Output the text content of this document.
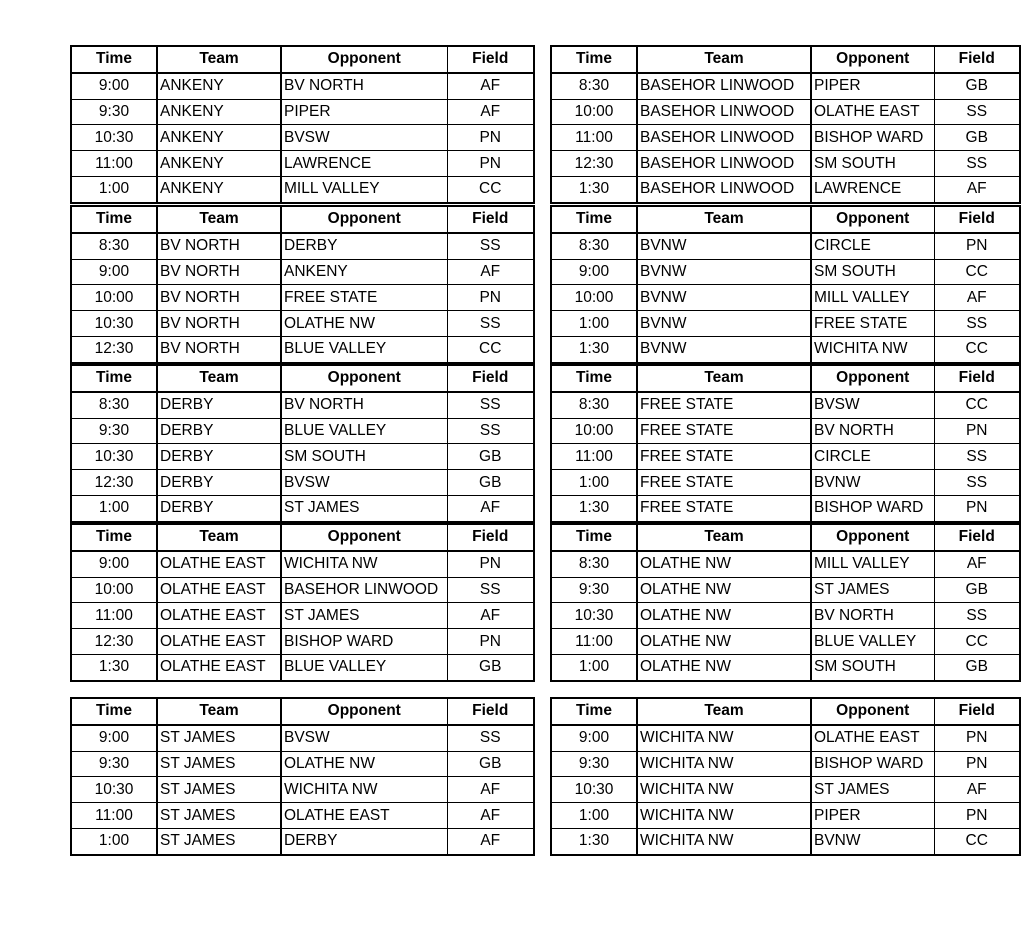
Time	Team	Opponent	Field
9:00	ANKENY	BV NORTH	AF
9:30	ANKENY	PIPER	AF
10:30	ANKENY	BVSW	PN
11:00	ANKENY	LAWRENCE	PN
1:00	ANKENY	MILL VALLEY	CC
Time	Team	Opponent	Field
8:30	BV NORTH	DERBY	SS
9:00	BV NORTH	ANKENY	AF
10:00	BV NORTH	FREE STATE	PN
10:30	BV NORTH	OLATHE NW	SS
12:30	BV NORTH	BLUE VALLEY	CC
Time	Team	Opponent	Field
8:30	DERBY	BV NORTH	SS
9:30	DERBY	BLUE VALLEY	SS
10:30	DERBY	SM SOUTH	GB
12:30	DERBY	BVSW	GB
1:00	DERBY	ST JAMES	AF
Time	Team	Opponent	Field
9:00	OLATHE EAST	WICHITA NW	PN
10:00	OLATHE EAST	BASEHOR LINWOOD	SS
11:00	OLATHE EAST	ST JAMES	AF
12:30	OLATHE EAST	BISHOP WARD	PN
1:30	OLATHE EAST	BLUE VALLEY	GB
Time	Team	Opponent	Field
9:00	ST JAMES	BVSW	SS
9:30	ST JAMES	OLATHE NW	GB
10:30	ST JAMES	WICHITA NW	AF
11:00	ST JAMES	OLATHE EAST	AF
1:00	ST JAMES	DERBY	AF
Time	Team	Opponent	Field
8:30	BASEHOR LINWOOD	PIPER	GB
10:00	BASEHOR LINWOOD	OLATHE EAST	SS
11:00	BASEHOR LINWOOD	BISHOP WARD	GB
12:30	BASEHOR LINWOOD	SM SOUTH	SS
1:30	BASEHOR LINWOOD	LAWRENCE	AF
Time	Team	Opponent	Field
8:30	BVNW	CIRCLE	PN
9:00	BVNW	SM SOUTH	CC
10:00	BVNW	MILL VALLEY	AF
1:00	BVNW	FREE STATE	SS
1:30	BVNW	WICHITA NW	CC
Time	Team	Opponent	Field
8:30	FREE STATE	BVSW	CC
10:00	FREE STATE	BV NORTH	PN
11:00	FREE STATE	CIRCLE	SS
1:00	FREE STATE	BVNW	SS
1:30	FREE STATE	BISHOP WARD	PN
Time	Team	Opponent	Field
8:30	OLATHE NW	MILL VALLEY	AF
9:30	OLATHE NW	ST JAMES	GB
10:30	OLATHE NW	BV NORTH	SS
11:00	OLATHE NW	BLUE VALLEY	CC
1:00	OLATHE NW	SM SOUTH	GB
Time	Team	Opponent	Field
9:00	WICHITA NW	OLATHE EAST	PN
9:30	WICHITA NW	BISHOP WARD	PN
10:30	WICHITA NW	ST JAMES	AF
1:00	WICHITA NW	PIPER	PN
1:30	WICHITA NW	BVNW	CC
